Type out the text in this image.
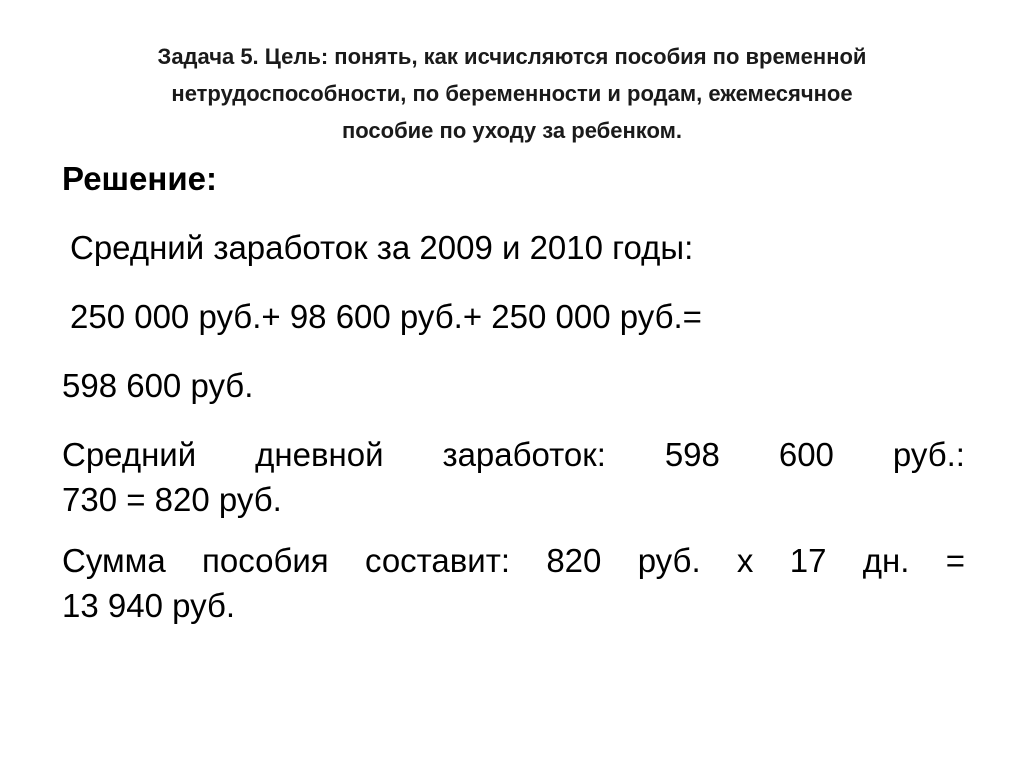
Задача 5. Цель: понять, как исчисляются пособия по временной
нетрудоспособности, по беременности и родам, ежемесячное
пособие по уходу за ребенком.
Решение:
Средний заработок за 2009 и 2010 годы:
250 000 руб.+ 98 600 руб.+ 250 000 руб.=
598 600 руб.
Средний дневной заработок: 598 600 руб.:
730 = 820 руб.
Сумма пособия составит: 820 руб. х 17 дн. =
13 940 руб.
